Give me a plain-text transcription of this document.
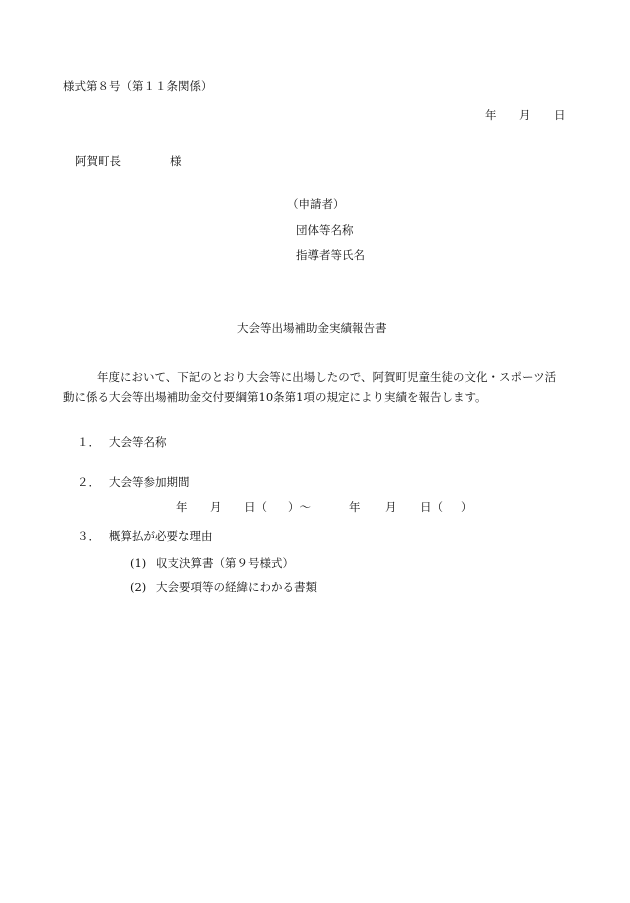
様式第８号（第１１条関係）
年 月 日
阿賀町長	様
（申請者）
団体等名称
指導者等氏名
大会等出場補助金実績報告書
年度において、下記のとおり大会等に出場したので、阿賀町児童生徒の文化・スポーツ活
動に係る大会等出場補助金交付要綱第10条第1項の規定により実績を報告します。
１． 大会等名称
２． 大会等参加期間
年 月 日（ ）～	年 月 日（ ）
３． 概算払が必要な理由
(1) 収支決算書（第９号様式）
(2) 大会要項等の経緯にわかる書類
